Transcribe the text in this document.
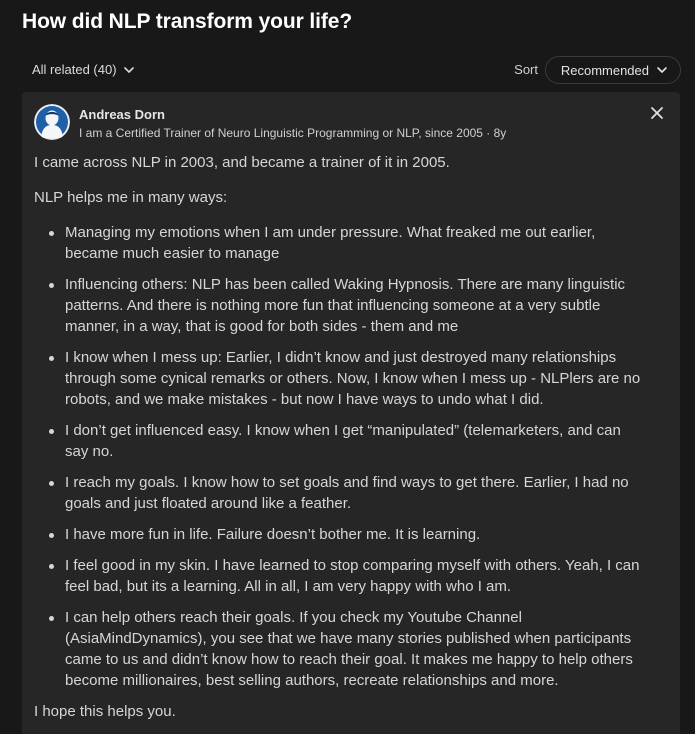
How did NLP transform your life?
All related (40)	Sort Recommended
Andreas Dorn
I am a Certified Trainer of Neuro Linguistic Programming or NLP, since 2005 · 8y

I came across NLP in 2003, and became a trainer of it in 2005.

NLP helps me in many ways:

Managing my emotions when I am under pressure. What freaked me out earlier, became much easier to manage
Influencing others: NLP has been called Waking Hypnosis. There are many linguistic patterns. And there is nothing more fun that influencing someone at a very subtle manner, in a way, that is good for both sides - them and me
I know when I mess up: Earlier, I didn’t know and just destroyed many relationships through some cynical remarks or others. Now, I know when I mess up - NLPlers are no robots, and we make mistakes - but now I have ways to undo what I did.
I don’t get influenced easy. I know when I get “manipulated” (telemarketers, and can say no.
I reach my goals. I know how to set goals and find ways to get there. Earlier, I had no goals and just floated around like a feather.
I have more fun in life. Failure doesn’t bother me. It is learning.
I feel good in my skin. I have learned to stop comparing myself with others. Yeah, I can feel bad, but its a learning. All in all, I am very happy with who I am.
I can help others reach their goals. If you check my Youtube Channel (AsiaMindDynamics), you see that we have many stories published when participants came to us and didn’t know how to reach their goal. It makes me happy to help others become millionaires, best selling authors, recreate relationships and more.

I hope this helps you.
